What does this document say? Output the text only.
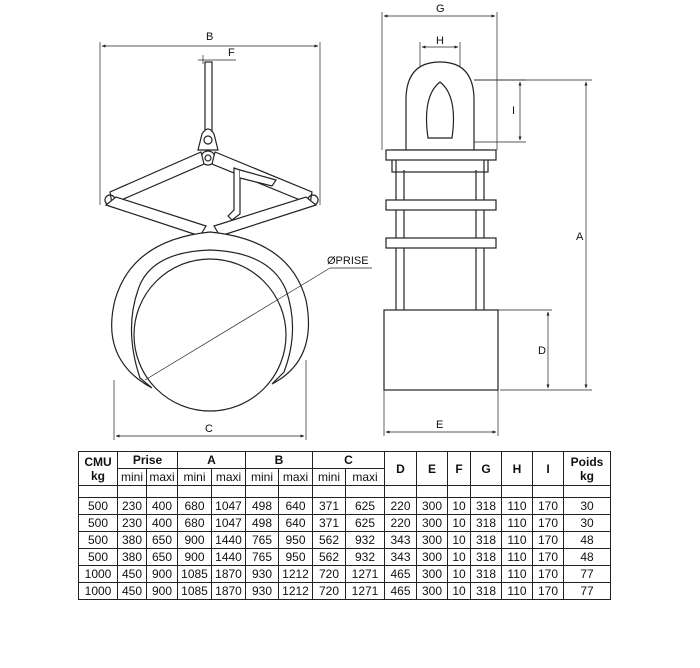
B
F
ØPRISE
C
G
H
I
A
D
E
CMU
kg	Prise		A		B		C		D	E	F	G	H	I	Poids
kg
	mini	maxi	mini	maxi	mini	maxi	mini	maxi							

500	230	400	680	1047	498	640	371	625	220	300	10	318	110	170	30
500	230	400	680	1047	498	640	371	625	220	300	10	318	110	170	30
500	380	650	900	1440	765	950	562	932	343	300	10	318	110	170	48
500	380	650	900	1440	765	950	562	932	343	300	10	318	110	170	48
1000	450	900	1085	1870	930	1212	720	1271	465	300	10	318	110	170	77
1000	450	900	1085	1870	930	1212	720	1271	465	300	10	318	110	170	77
